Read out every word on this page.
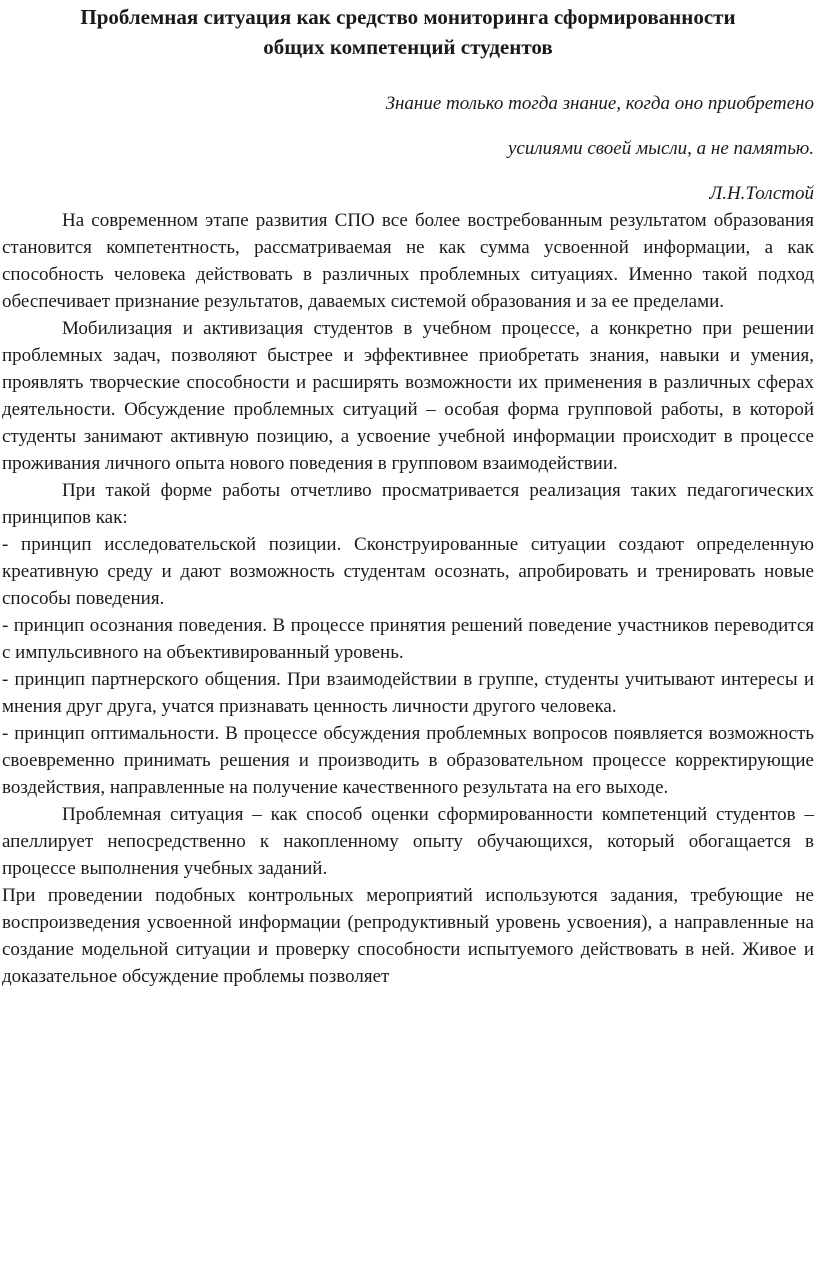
Проблемная ситуация как средство мониторинга сформированности
общих компетенций студентов

Знание только тогда знание, когда оно приобретено

усилиями своей мысли, а не памятью.

Л.Н.Толстой

На современном этапе развития СПО все более востребованным результатом образования становится компетентность, рассматриваемая не как сумма усвоенной информации, а как способность человека действовать в различных проблемных ситуациях. Именно такой подход обеспечивает признание результатов, даваемых системой образования и за ее пределами.

Мобилизация и активизация студентов в учебном процессе, а конкретно при решении проблемных задач, позволяют быстрее и эффективнее приобретать знания, навыки и умения, проявлять творческие способности и расширять возможности их применения в различных сферах деятельности. Обсуждение проблемных ситуаций – особая форма групповой работы, в которой студенты занимают активную позицию, а усвоение учебной информации происходит в процессе проживания личного опыта нового поведения в групповом взаимодействии.

При такой форме работы отчетливо просматривается реализация таких педагогических принципов как:

- принцип исследовательской позиции. Сконструированные ситуации создают определенную креативную среду и дают возможность студентам осознать, апробировать и тренировать новые способы поведения.

- принцип осознания поведения. В процессе принятия решений поведение участников переводится с импульсивного на объективированный уровень.

- принцип партнерского общения. При взаимодействии в группе, студенты учитывают интересы и мнения друг друга, учатся признавать ценность личности другого человека.

- принцип оптимальности. В процессе обсуждения проблемных вопросов появляется возможность своевременно принимать решения и производить в образовательном процессе корректирующие воздействия, направленные на получение качественного результата на его выходе.

Проблемная ситуация – как способ оценки сформированности компетенций студентов – апеллирует непосредственно к накопленному опыту обучающихся, который обогащается в процессе выполнения учебных заданий.

При проведении подобных контрольных мероприятий используются задания, требующие не воспроизведения усвоенной информации (репродуктивный уровень усвоения), а направленные на создание модельной ситуации и проверку способности испытуемого действовать в ней. Живое и доказательное обсуждение проблемы позволяет
